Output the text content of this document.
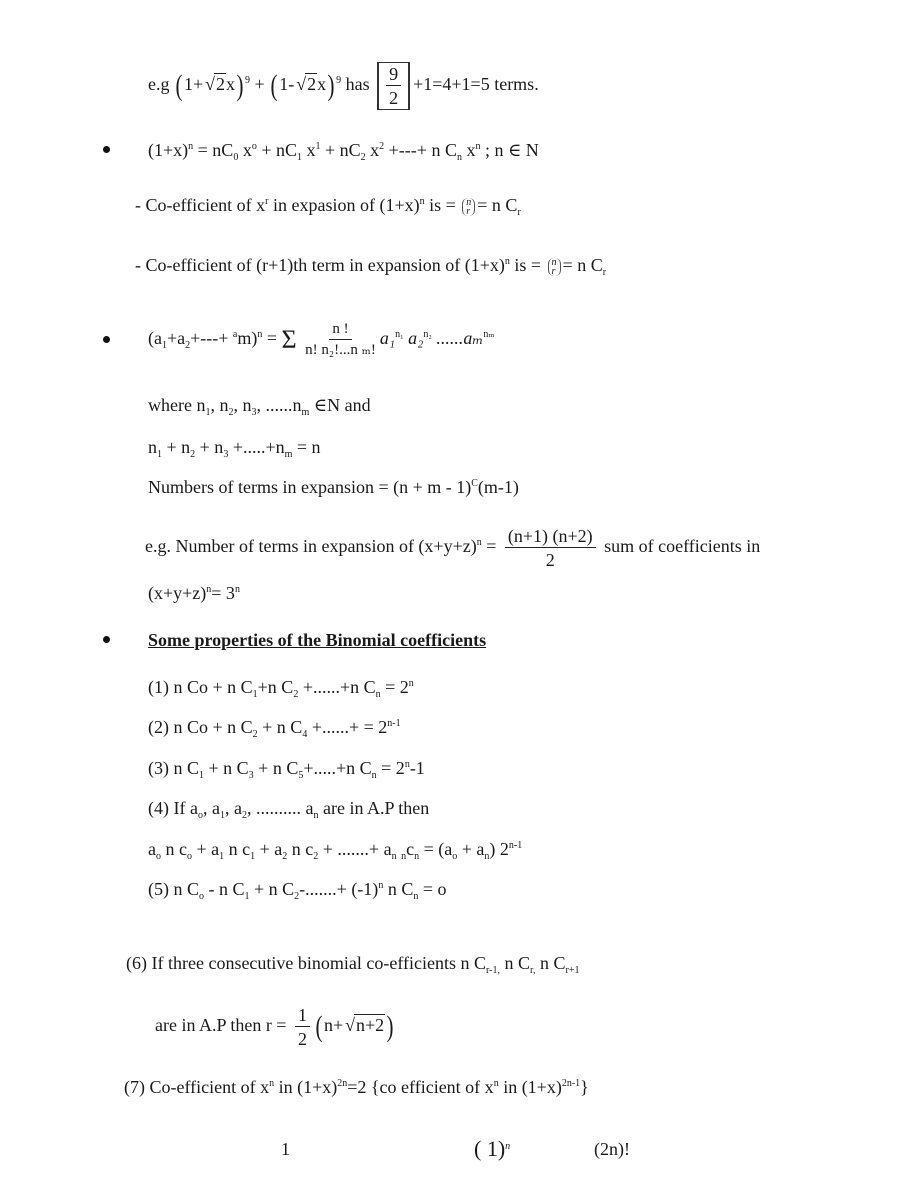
e.g (1+ √ 2x) $^9$ + (1- √ 2x) $^9$ has $\frac{9}{2} +1=4+1=5$ terms.
$(1+x)^n = nC_0$ $x^o + nC_1$ $x^1 + nC_2$ $x^2$ +---+ n $C_n$ $x^n$ ; n ∈ N
- Co-efficient of $x^r$ in expasion of $(1+x)^n$ is = n
r = n $C_r$
- Co-efficient of (r+1)th term in expansion of $(1+x)^n$ is = n
r = n $C_r$
$(a_1+a_2+---+ ^am)^n = \Sigma \frac{n !}{\text{n! n₂!...n ₘ!}} a_1^{n_1}$ a₂$^{n_2}$ ......aₘ$^{n_m}$
where $n_1$, $n_2$, $n_3$, $......n_m$ ∈N and
$n_1 + n_2 + n_3 +.....+n_m = n$
Numbers of terms in expansion = $(n + m - 1)^C(m-1)$
e.g. Number of terms in expansion of $(x+y+z)^n = \frac{(n+1) (n+2)}{2}$ sum of coefficients in
$(x+y+z)^n= 3^n$
Some properties of the Binomial coefficients
(1) n Co + n $C_1+n$ $C_2 +......+n$ $C_n = 2^n$
(2) n Co + n $C_2 + n$ $C_4$ +......+ = $2^{n-1}$
(3) n $C_1 + n$ $C_3 + n$ $C_5+.....+n$ $C_n = 2^n-1$
(4) If $a_o$, $a_1$, $a_2$, .......... $a_n$ are in A.P then
$a_o$ n $c_o + a_1$ n $c_1 + a_2$ n $c_2$ + .......+ $a_n$ $_nc_n = (a_o + a_n)$ 2$^{n-1}$
(5) n $C_o$ - n $C_1 + n$ $C_2-.......+ (-1)^n$ n $C_n = o$
(6) If three consecutive binomial co-efficients n $C_{r-1,}$ n $C_{r,}$ n $C_{r+1}$
are in A.P then $r = \frac{1}{2} (n+$ √ n+2)
(7) Co-efficient of $x^n$ in $(1+x)^{2n}=2$ {co efficient of $x^n$ in $(1+x)^{2n-1}$}
1	( 1)$^n$	(2n)!
